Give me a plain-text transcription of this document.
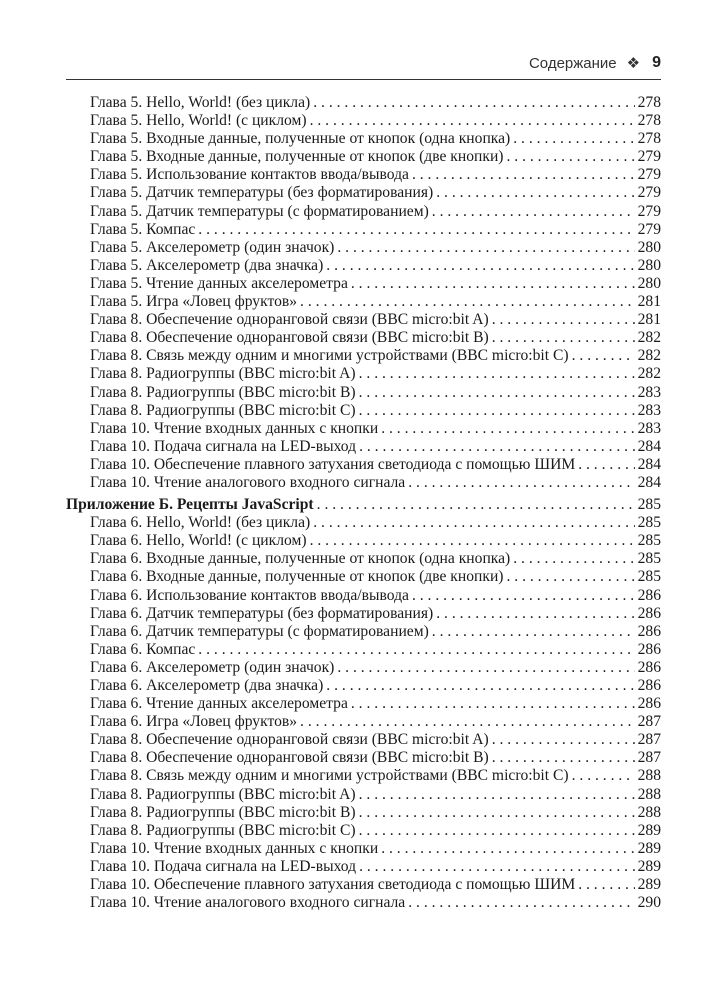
Содержание ❖ 9
Глава 5. Hello, World! (без цикла) . . .	278
Глава 5. Hello, World! (с циклом) . . .	278
Глава 5. Входные данные, полученные от кнопок (одна кнопка) . . .	278
Глава 5. Входные данные, полученные от кнопок (две кнопки) . . .	279
Глава 5. Использование контактов ввода/вывода . . .	279
Глава 5. Датчик температуры (без форматирования) . . .	279
Глава 5. Датчик температуры (с форматированием) . . .	279
Глава 5. Компас . . .	279
Глава 5. Акселерометр (один значок) . . .	280
Глава 5. Акселерометр (два значка) . . .	280
Глава 5. Чтение данных акселерометра . . .	280
Глава 5. Игра «Ловец фруктов» . . .	281
Глава 8. Обеспечение одноранговой связи (BBC micro:bit A) . . .	281
Глава 8. Обеспечение одноранговой связи (BBC micro:bit B) . . .	282
Глава 8. Связь между одним и многими устройствами (BBC micro:bit C) . . .	282
Глава 8. Радиогруппы (BBC micro:bit A) . . .	282
Глава 8. Радиогруппы (BBC micro:bit B) . . .	283
Глава 8. Радиогруппы (BBC micro:bit C) . . .	283
Глава 10. Чтение входных данных с кнопки . . .	283
Глава 10. Подача сигнала на LED-выход . . .	284
Глава 10. Обеспечение плавного затухания светодиода с помощью ШИМ . . .	284
Глава 10. Чтение аналогового входного сигнала . . .	284
Приложение Б. Рецепты JavaScript . . .	285
Глава 6. Hello, World! (без цикла) . . .	285
Глава 6. Hello, World! (с циклом) . . .	285
Глава 6. Входные данные, полученные от кнопок (одна кнопка) . . .	285
Глава 6. Входные данные, полученные от кнопок (две кнопки) . . .	285
Глава 6. Использование контактов ввода/вывода . . .	286
Глава 6. Датчик температуры (без форматирования) . . .	286
Глава 6. Датчик температуры (с форматированием) . . .	286
Глава 6. Компас . . .	286
Глава 6. Акселерометр (один значок) . . .	286
Глава 6. Акселерометр (два значка) . . .	286
Глава 6. Чтение данных акселерометра . . .	286
Глава 6. Игра «Ловец фруктов» . . .	287
Глава 8. Обеспечение одноранговой связи (BBC micro:bit A) . . .	287
Глава 8. Обеспечение одноранговой связи (BBC micro:bit B) . . .	287
Глава 8. Связь между одним и многими устройствами (BBC micro:bit C) . . .	288
Глава 8. Радиогруппы (BBC micro:bit A) . . .	288
Глава 8. Радиогруппы (BBC micro:bit B) . . .	288
Глава 8. Радиогруппы (BBC micro:bit C) . . .	289
Глава 10. Чтение входных данных с кнопки . . .	289
Глава 10. Подача сигнала на LED-выход . . .	289
Глава 10. Обеспечение плавного затухания светодиода с помощью ШИМ . . .	289
Глава 10. Чтение аналогового входного сигнала . . .	290
